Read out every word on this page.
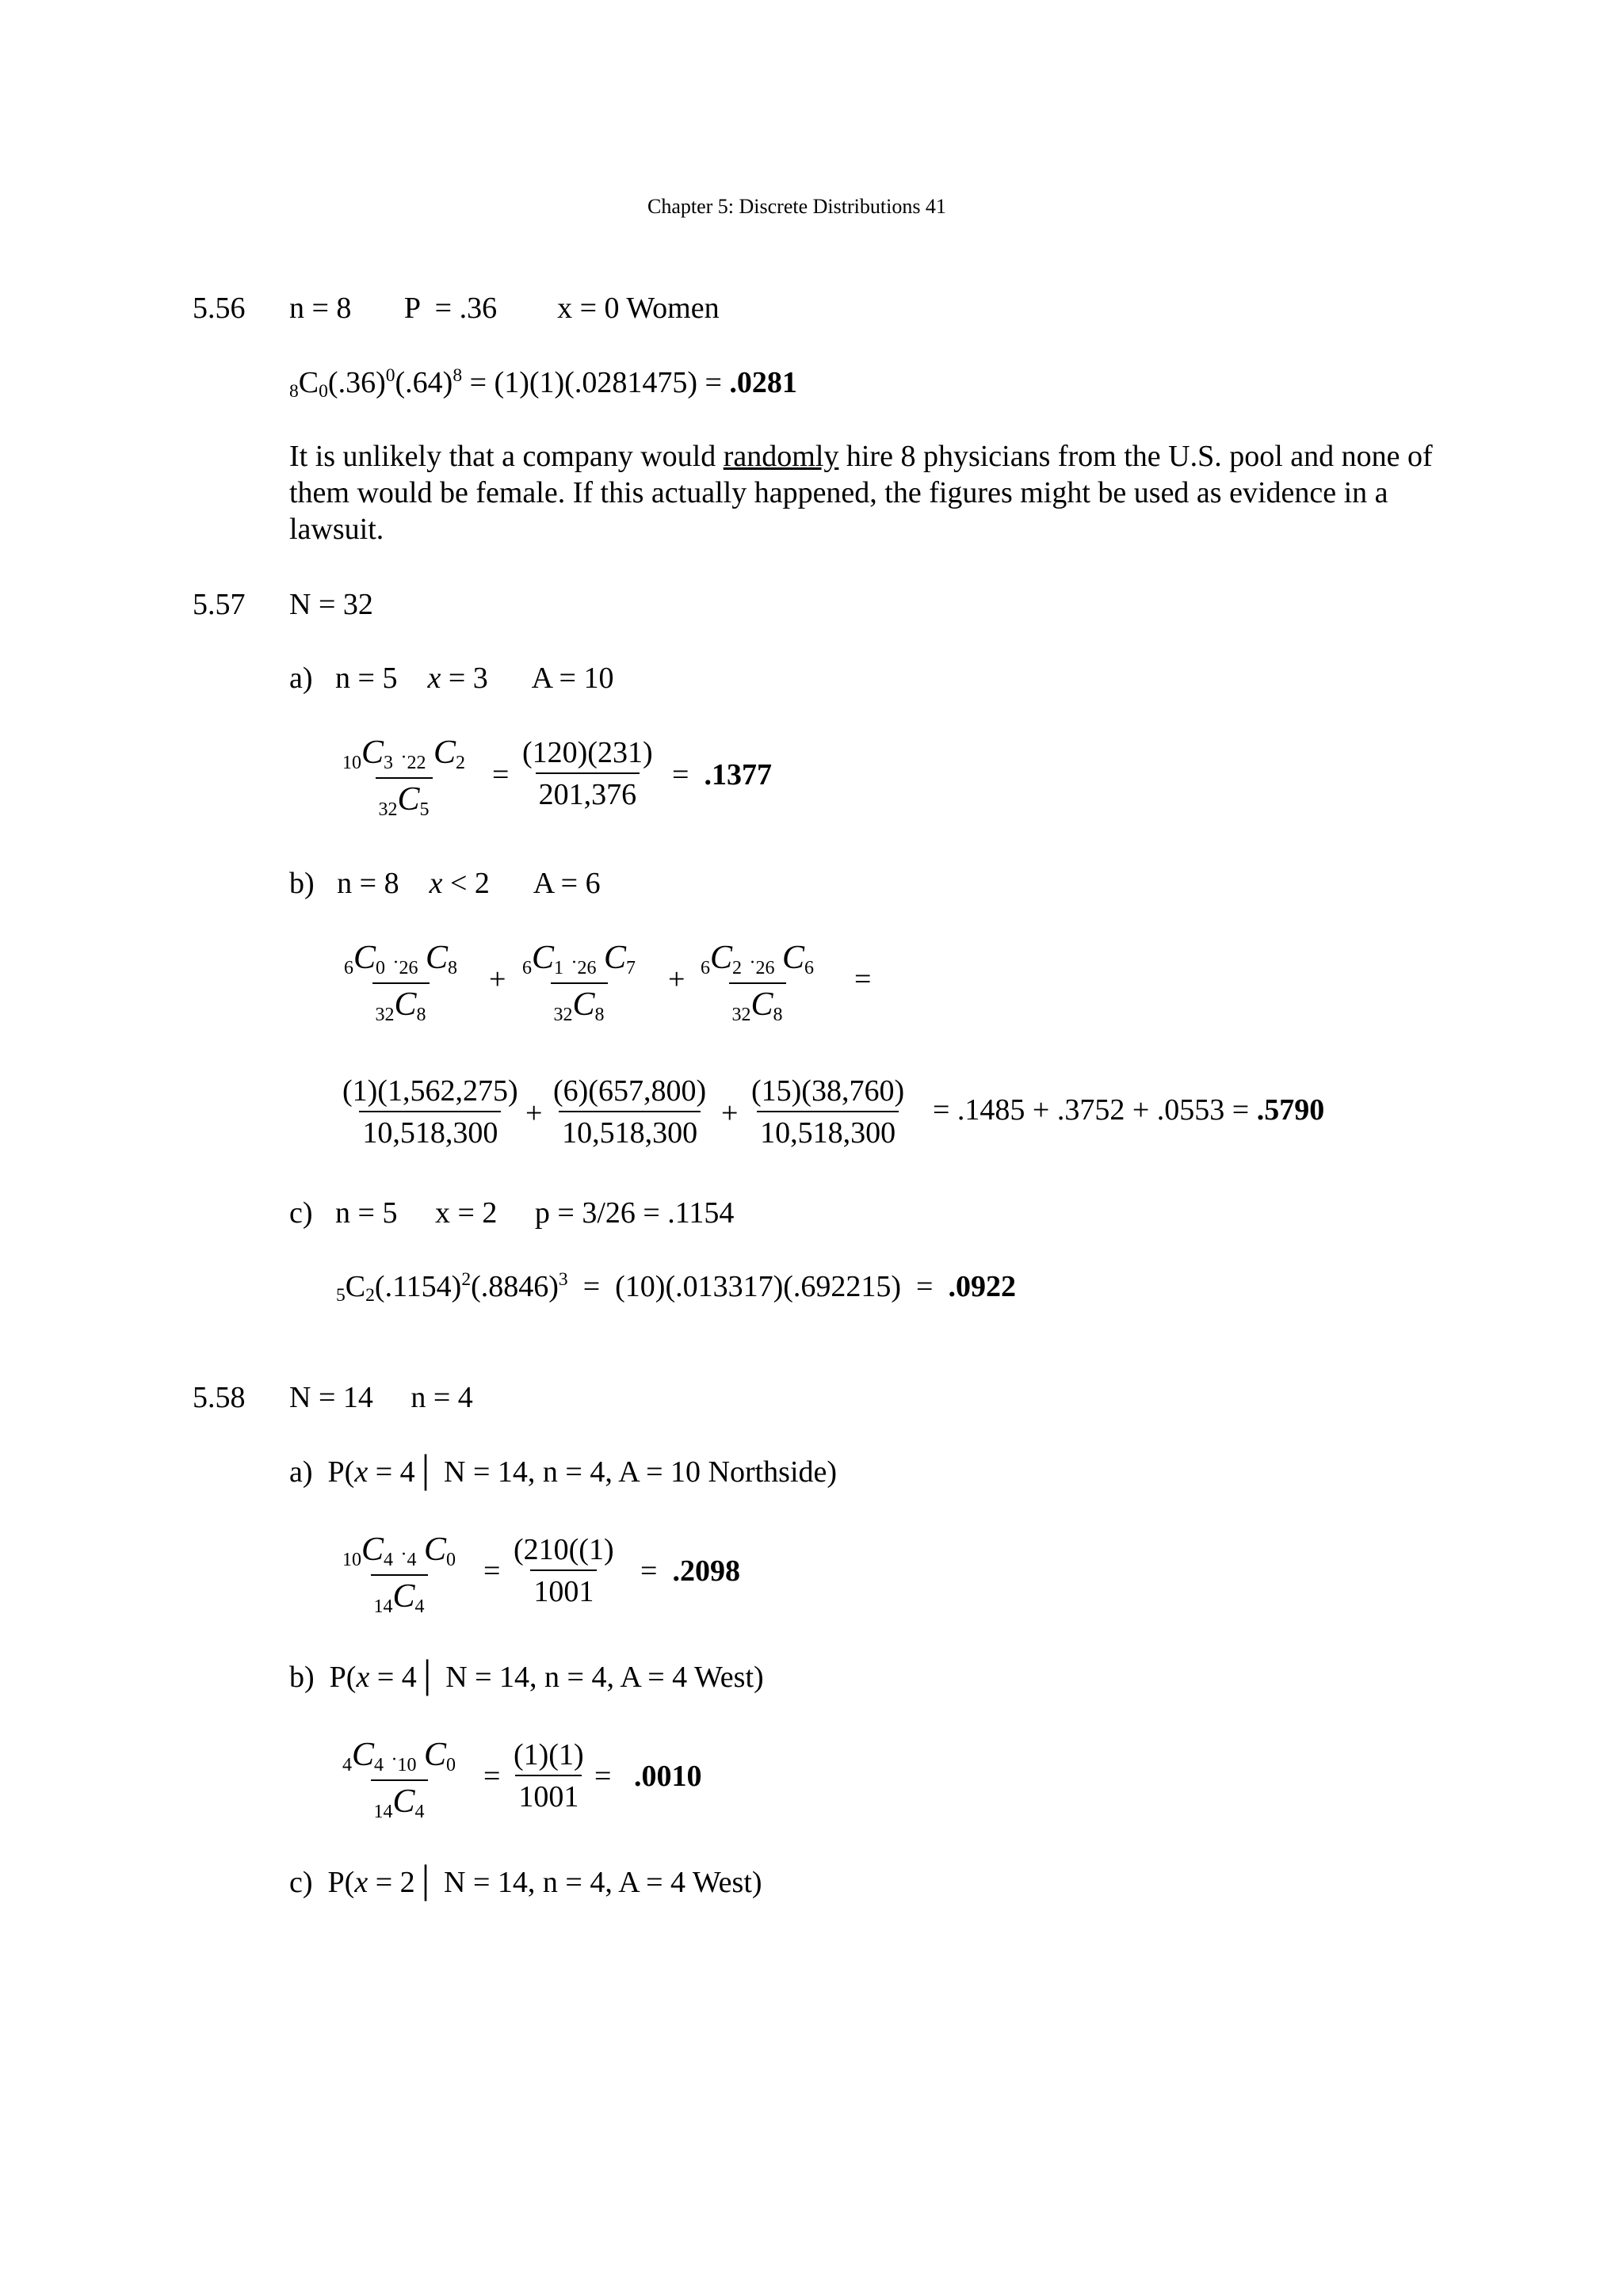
Chapter 5: Discrete Distributions 41
5.56 n = 8       P  = .36        x = 0 Women
$_8C_0(.36)^0(.64)^8 = (1)(1)(.0281475) = .0281$

It is unlikely that a company would randomly hire 8 physicians from the U.S. pool and none of them would be female. If this actually happened, the figures might be used as evidence in a lawsuit.

5.57 N = 32
a)   n = 5    x = 3      A = 10
$\frac{_{10}C_3 \cdot_{22} C_2}{_{32}C_5} = \frac{(120)(231)}{201,376} = .1377$
b)   n = 8    x < 2      A = 6
$\frac{_6C_0 \cdot_{26} C_8}{_{32}C_8} + \frac{_6C_1 \cdot_{26} C_7}{_{32}C_8} + \frac{_6C_2 \cdot_{26} C_6}{_{32}C_8}$ =
$\frac{(1)(1,562,275)}{10,518,300} + \frac{(6)(657,800)}{10,518,300} + \frac{(15)(38,760)}{10,518,300} = .1485 + .3752 + .0553 = .5790$
c)   n = 5     x = 2     p = 3/26 = .1154
$_5C_2(.1154)^2(.8846)^3 = (10)(.013317)(.692215) = .0922$
5.58 N = 14     n = 4
a)  P(x = 4│ N = 14, n = 4, A = 10 Northside)
$\frac{_{10}C_4 \cdot_4 C_0}{_{14}C_4} = \frac{(210((1)}{1001} = .2098$
b)  P(x = 4│ N = 14, n = 4, A = 4 West)
$\frac{_4C_4 \cdot_{10} C_0}{_{14}C_4} = \frac{(1)(1)}{1001} = .0010$
c)  P(x = 2│ N = 14, n = 4, A = 4 West)
